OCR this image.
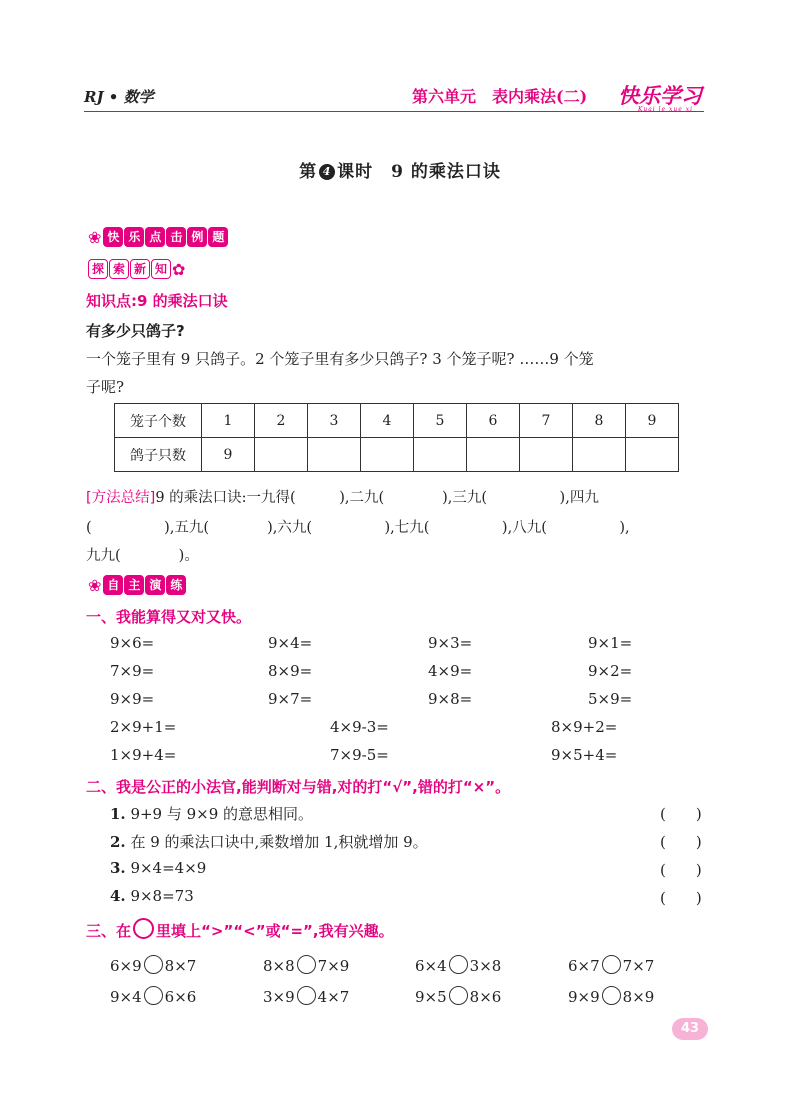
RJ • 数学	第六单元　表内乘法(二) 快乐学习
Kuai le xue xi
第 4 课时　9 的乘法口诀
❀ 快 乐 点 击 例 题
探 索 新 知 ✿
知识点:9 的乘法口诀
有多少只鸽子?
一个笼子里有 9 只鸽子。2 个笼子里有多少只鸽子? 3 个笼子呢? ……9 个笼
子呢?
笼子个数	1	2	3	4	5	6	7	8	9
鸽子只数	9								
[方法总结]9 的乘法口诀:一九得(　　　),二九(　　　　),三九(　　　　　),四九
(　　　　　),五九(　　　　),六九(　　　　　),七九(　　　　　),八九(　　　　　),
九九(　　　　)。
❀ 自 主 演 练
一、我能算得又对又快。
9×6=	9×4=	9×3=	9×1=
7×9=	8×9=	4×9=	9×2=
9×9=	9×7=	9×8=	5×9=
2×9+1=	4×9-3=	8×9+2=
1×9+4=	7×9-5=	9×5+4=
二、我是公正的小法官,能判断对与错,对的打“√”,错的打“×”。
1. 9+9 与 9×9 的意思相同。	(　　)
2. 在 9 的乘法口诀中,乘数增加 1,积就增加 9。	(　　)
3. 9×4=4×9	(　　)
4. 9×8=73	(　　)
三、在 里填上“>”“<”或“=”,我有兴趣。
6×9 8×7	8×8 7×9	6×4 3×8	6×7 7×7
9×4 6×6	3×9 4×7	9×5 8×6	9×9 8×9
43
